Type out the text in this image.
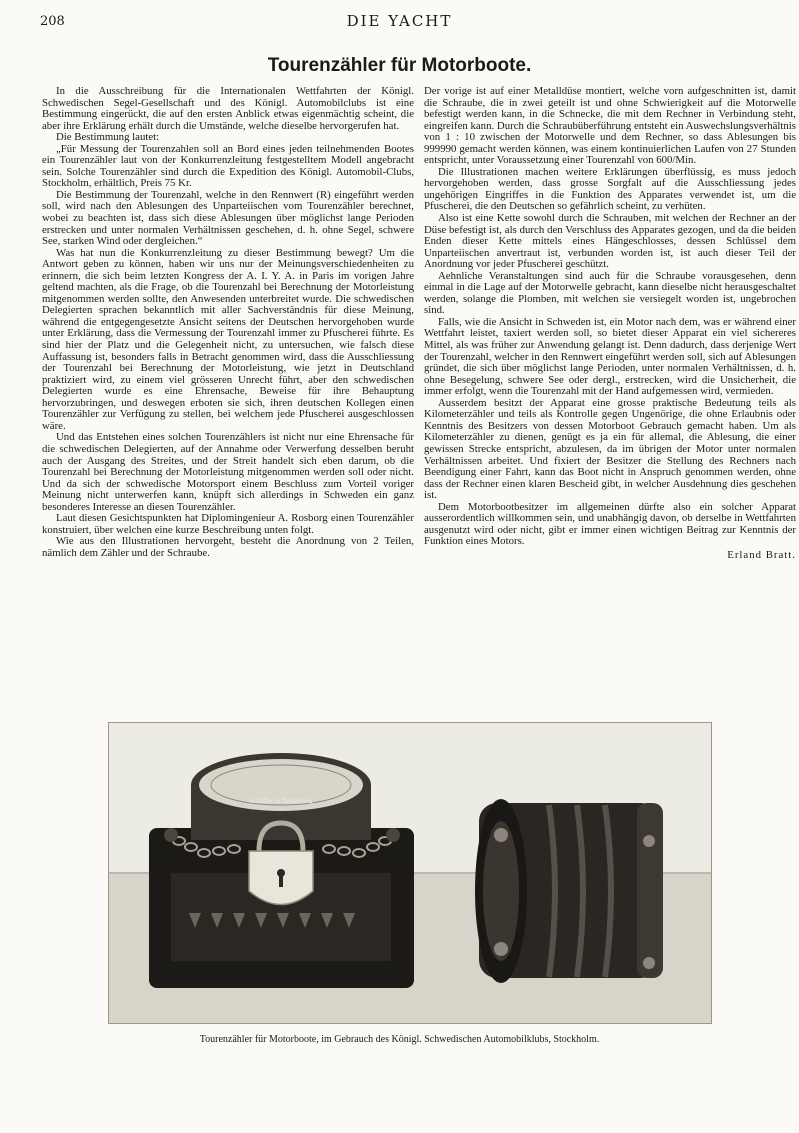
208	DIE YACHT
Tourenzähler für Motorboote.

In die Ausschreibung für die Internationalen Wettfahrten der Königl. Schwedischen Segel-Gesellschaft und des Königl. Automobilclubs ist eine Bestimmung eingerückt, die auf den ersten Anblick etwas eigenmächtig scheint, die aber ihre Erklärung erhält durch die Umstände, welche dieselbe hervorgerufen hat.

Die Bestimmung lautet:

„Für Messung der Tourenzahlen soll an Bord eines jeden teilnehmenden Bootes ein Tourenzähler laut von der Konkurrenzleitung festgestelltem Modell angebracht sein. Solche Tourenzähler sind durch die Expedition des Königl. Automobil-Clubs, Stockholm, erhältlich, Preis 75 Kr.

Die Bestimmung der Tourenzahl, welche in den Rennwert (R) eingeführt werden soll, wird nach den Ablesungen des Unparteiischen vom Tourenzähler berechnet, wobei zu beachten ist, dass sich diese Ablesungen über möglichst lange Perioden erstrecken und unter normalen Verhältnissen geschehen, d. h. ohne Segel, schwere See, starken Wind oder dergleichen.“

Was hat nun die Konkurrenzleitung zu dieser Bestimmung bewegt? Um die Antwort geben zu können, haben wir uns nur der Meinungsverschiedenheiten zu erinnern, die sich beim letzten Kongress der A. I. Y. A. in Paris im vorigen Jahre geltend machten, als die Frage, ob die Tourenzahl bei Berechnung der Motorleistung mitgenommen werden sollte, den Anwesenden unterbreitet wurde. Die schwedischen Delegierten sprachen bekanntlich mit aller Sachverständnis für diese Meinung, während die entgegengesetzte Ansicht seitens der Deutschen hervorgehoben wurde unter Erklärung, dass die Vermessung der Tourenzahl immer zu Pfuscherei führte. Es sind hier der Platz und die Gelegenheit nicht, zu untersuchen, wie falsch diese Auffassung ist, besonders falls in Betracht genommen wird, dass die Ausschliessung der Tourenzahl bei Berechnung der Motorleistung, wie jetzt in Deutschland praktiziert wird, zu einem viel grösseren Unrecht führt, aber den schwedischen Delegierten wurde es eine Ehrensache, Beweise für ihre Behauptung hervorzubringen, und deswegen erboten sie sich, ihren deutschen Kollegen einen Tourenzähler zur Verfügung zu stellen, bei welchem jede Pfuscherei ausgeschlossen wäre.

Und das Entstehen eines solchen Tourenzählers ist nicht nur eine Ehrensache für die schwedischen Delegierten, auf der Annahme oder Verwerfung desselben beruht auch der Ausgang des Streites, und der Streit handelt sich eben darum, ob die Tourenzahl bei Berechnung der Motorleistung mitgenommen werden soll oder nicht. Und da sich der schwedische Motorsport einem Beschluss zum Vorteil voriger Meinung nicht unterwerfen kann, knüpft sich allerdings in Schweden ein ganz besonderes Interesse an diesen Tourenzähler.

Laut diesen Gesichtspunkten hat Diplomingenieur A. Rosborg einen Tourenzähler konstruiert, über welchen eine kurze Beschreibung unten folgt.

Wie aus den Illustrationen hervorgeht, besteht die Anordnung von 2 Teilen, nämlich dem Zähler und der Schraube.

Der vorige ist auf einer Metalldüse montiert, welche vorn aufgeschnitten ist, damit die Schraube, die in zwei geteilt ist und ohne Schwierigkeit auf die Motorwelle befestigt werden kann, in die Schnecke, die mit dem Rechner in Verbindung steht, eingreifen kann. Durch die Schraubüberführung entsteht ein Auswechslungsverhältnis von 1 : 10 zwischen der Motorwelle und dem Rechner, so dass Ablesungen bis 999990 gemacht werden können, was einem kontinuierlichen Laufen von 27 Stunden entspricht, unter Voraussetzung einer Tourenzahl von 600/Min.

Die Illustrationen machen weitere Erklärungen überflüssig, es muss jedoch hervorgehoben werden, dass grosse Sorgfalt auf die Ausschliessung jedes ungehörigen Eingriffes in die Funktion des Apparates verwendet ist, um die Pfuscherei, die den Deutschen so gefährlich scheint, zu verhüten.

Also ist eine Kette sowohl durch die Schrauben, mit welchen der Rechner an der Düse befestigt ist, als durch den Verschluss des Apparates gezogen, und da die beiden Enden dieser Kette mittels eines Hängeschlosses, dessen Schlüssel dem Unparteiischen anvertraut ist, verbunden worden ist, ist auch dieser Teil der Anordnung vor jeder Pfuscherei geschützt.

Aehnliche Veranstaltungen sind auch für die Schraube vorausgesehen, denn einmal in die Lage auf der Motorwelle gebracht, kann dieselbe nicht herausgeschaltet werden, solange die Plomben, mit welchen sie versiegelt worden ist, ungebrochen sind.

Falls, wie die Ansicht in Schweden ist, ein Motor nach dem, was er während einer Wettfahrt leistet, taxiert werden soll, so bietet dieser Apparat ein viel sichereres Mittel, als was früher zur Anwendung gelangt ist. Denn dadurch, dass derjenige Wert der Tourenzahl, welcher in den Rennwert eingeführt werden soll, sich auf Ablesungen gründet, die sich über möglichst lange Perioden, unter normalen Verhältnissen, d. h. ohne Besegelung, schwere See oder dergl., erstrecken, wird die Unsicherheit, die immer erfolgt, wenn die Tourenzahl mit der Hand aufgemessen wird, vermieden.

Ausserdem besitzt der Apparat eine grosse praktische Bedeutung teils als Kilometerzähler und teils als Kontrolle gegen Ungenörige, die ohne Erlaubnis oder Kenntnis des Besitzers von dessen Motorboot Gebrauch gemacht haben. Um als Kilometerzähler zu dienen, genügt es ja ein für allemal, die Ablesung, die einer gewissen Strecke entspricht, abzulesen, da im übrigen der Motor unter normalen Verhältnissen arbeitet. Und fixiert der Besitzer die Stellung des Rechners nach Beendigung einer Fahrt, kann das Boot nicht in Anspruch genommen werden, ohne dass der Rechner einen klaren Bescheid gibt, in welcher Ausdehnung dies geschehen ist.

Dem Motorbootbesitzer im allgemeinen dürfte also ein solcher Apparat ausserordentlich willkommen sein, und unabhängig davon, ob derselbe in Wettfahrten ausgenutzt wird oder nicht, gibt er immer einen wichtigen Beitrag zur Kenntnis der Funktion eines Motors.

Erland Bratt.
Schäffer & Budenberg
Tourenzähler für Motorboote, im Gebrauch des Königl. Schwedischen Automobilklubs, Stockholm.
